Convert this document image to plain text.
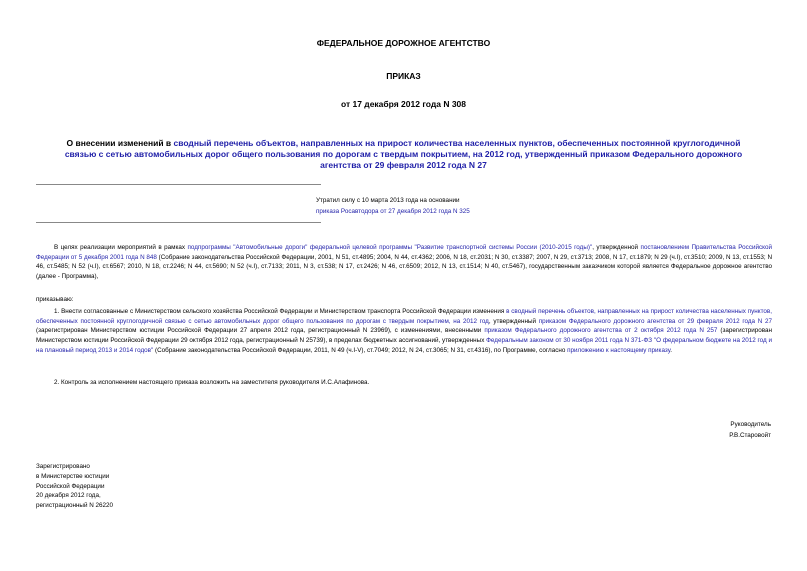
ФЕДЕРАЛЬНОЕ ДОРОЖНОЕ АГЕНТСТВО
ПРИКАЗ
от 17 декабря 2012 года N 308
О внесении изменений в сводный перечень объектов, направленных на прирост количества населенных пунктов, обеспеченных постоянной круглогодичной связью с сетью автомобильных дорог общего пользования по дорогам с твердым покрытием, на 2012 год, утвержденный приказом Федерального дорожного агентства от 29 февраля 2012 года N 27
Утратил силу с 10 марта 2013 года на основании
приказа Росавтодора от 27 декабря 2012 года N 325
В целях реализации мероприятий в рамках подпрограммы "Автомобильные дороги" федеральной целевой программы "Развитие транспортной системы России (2010-2015 годы)", утвержденной постановлением Правительства Российской Федерации от 5 декабря 2001 года N 848 (Собрание законодательства Российской Федерации, 2001, N 51, ст.4895; 2004, N 44, ст.4362; 2006, N 18, ст.2031; N 30, ст.3387; 2007, N 29, ст.3713; 2008, N 17, ст.1879; N 29 (ч.I), ст.3510; 2009, N 13, ст.1553; N 46, ст.5485; N 52 (ч.I), ст.6567; 2010, N 18, ст.2246; N 44, ст.5690; N 52 (ч.I), ст.7133; 2011, N 3, ст.538; N 17, ст.2426; N 46, ст.6509; 2012, N 13, ст.1514; N 40, ст.5467), государственным заказчиком которой является Федеральное дорожное агентство (далее - Программа),
приказываю:
1. Внести согласованные с Министерством сельского хозяйства Российской Федерации и Министерством транспорта Российской Федерации изменения в сводный перечень объектов, направленных на прирост количества населенных пунктов, обеспеченных постоянной круглогодичной связью с сетью автомобильных дорог общего пользования по дорогам с твердым покрытием, на 2012 год, утвержденный приказом Федерального дорожного агентства от 29 февраля 2012 года N 27 (зарегистрирован Министерством юстиции Российской Федерации 27 апреля 2012 года, регистрационный N 23969), с изменениями, внесенными приказом Федерального дорожного агентства от 2 октября 2012 года N 257 (зарегистрирован Министерством юстиции Российской Федерации 29 октября 2012 года, регистрационный N 25739), в пределах бюджетных ассигнований, утвержденных Федеральным законом от 30 ноября 2011 года N 371-ФЗ "О федеральном бюджете на 2012 год и на плановый период 2013 и 2014 годов" (Собрание законодательства Российской Федерации, 2011, N 49 (ч.I-V), ст.7049; 2012, N 24, ст.3065; N 31, ст.4316), по Программе, согласно приложению к настоящему приказу.
2. Контроль за исполнением настоящего приказа возложить на заместителя руководителя И.С.Алафинова.
Руководитель
Р.В.Старовойт
Зарегистрировано
в Министерстве юстиции
Российской Федерации
20 декабря 2012 года,
регистрационный N 26220
